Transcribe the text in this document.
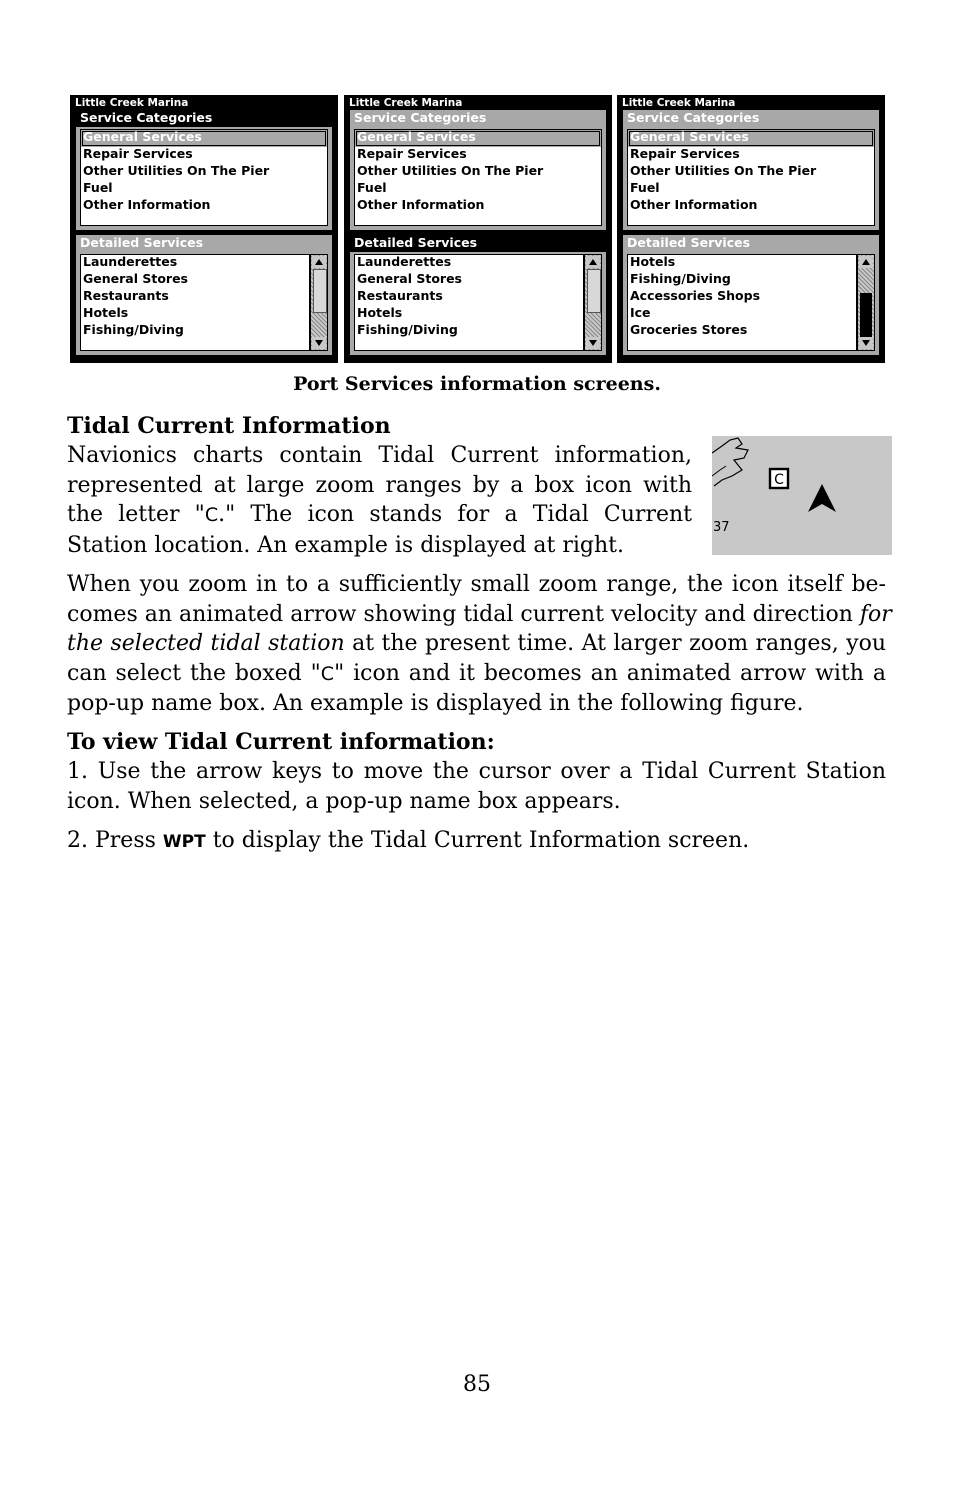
Little Creek Marina
Service Categories
General Services
Repair Services
Other Utilities On The Pier
Fuel
Other Information
Detailed Services
Launderettes
General Stores
Restaurants
Hotels
Fishing/Diving
Little Creek Marina
Service Categories
General Services
Repair Services
Other Utilities On The Pier
Fuel
Other Information
Detailed Services
Launderettes
General Stores
Restaurants
Hotels
Fishing/Diving
Little Creek Marina
Service Categories
General Services
Repair Services
Other Utilities On The Pier
Fuel
Other Information
Detailed Services
Hotels
Fishing/Diving
Accessories Shops
Ice
Groceries Stores
Port Services information screens.
Tidal Current Information
Navionics charts contain Tidal Current information,
represented at large zoom ranges by a box icon with
the letter "C." The icon stands for a Tidal Current
Station location. An example is displayed at right.
C
37
When you zoom in to a sufficiently small zoom range, the icon itself be-
comes an animated arrow showing tidal current velocity and direction for
the selected tidal station at the present time. At larger zoom ranges, you
can select the boxed "C" icon and it becomes an animated arrow with a
pop-up name box. An example is displayed in the following figure.
To view Tidal Current information:
1. Use the arrow keys to move the cursor over a Tidal Current Station
icon. When selected, a pop-up name box appears.
2. Press WPT to display the Tidal Current Information screen.
85
